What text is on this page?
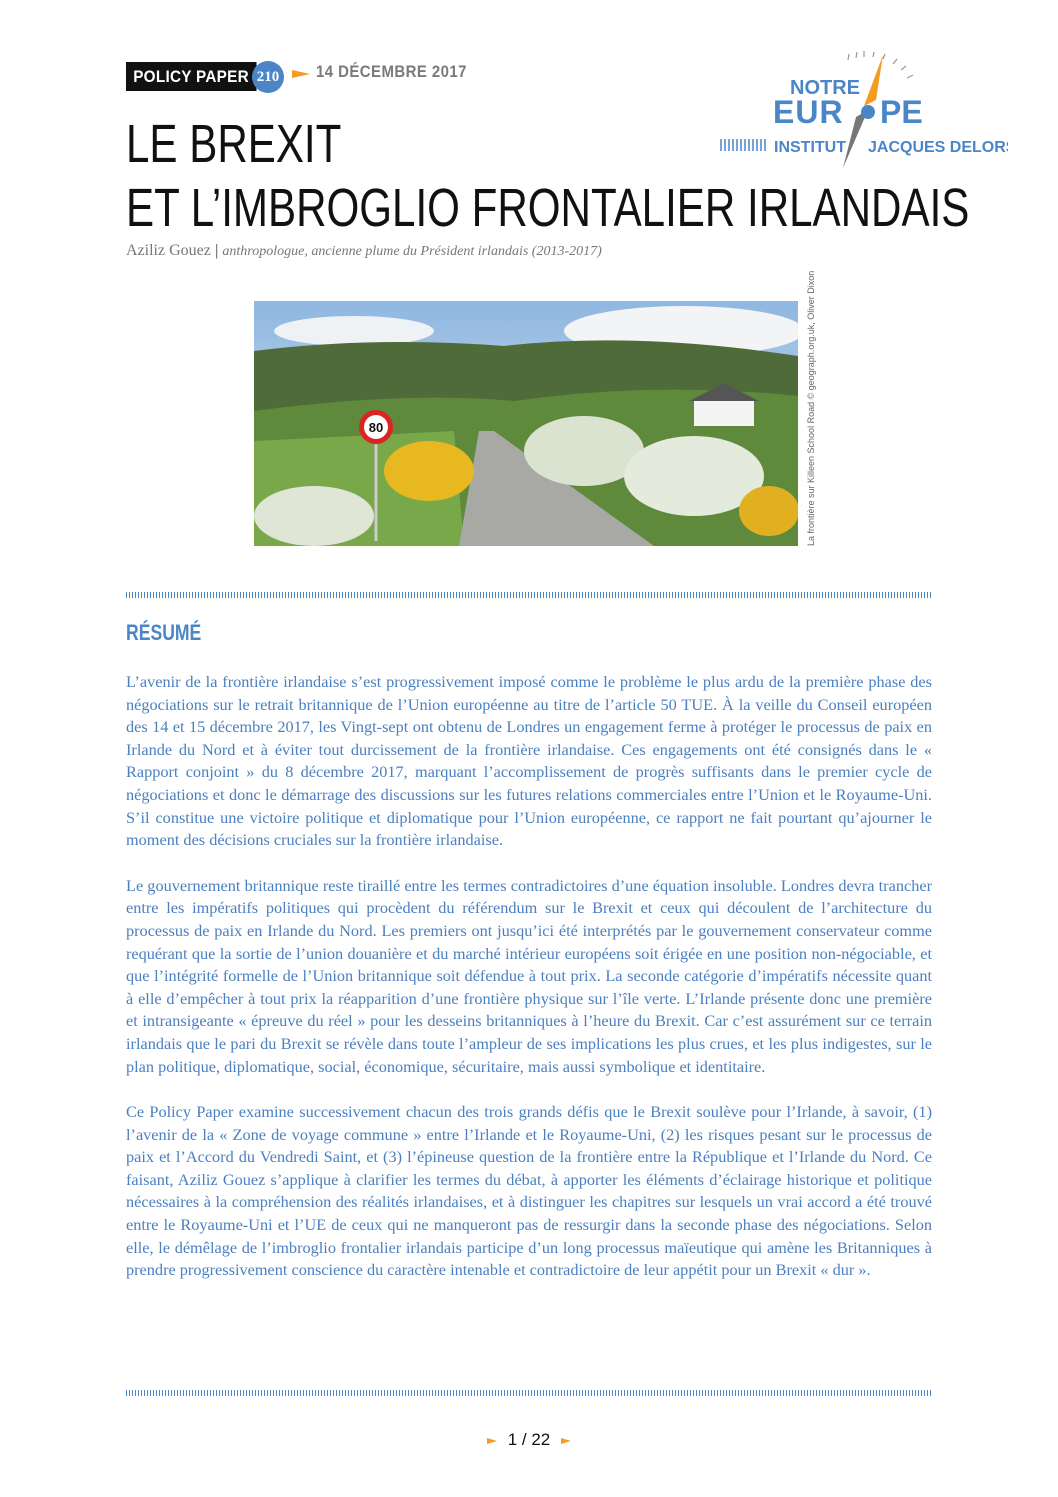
POLICY PAPER 210 14 DÉCEMBRE 2017
NOTRE
EUR PE
INSTITUT JACQUES DELORS
LE BREXIT
ET L’IMBROGLIO FRONTALIER IRLANDAIS
Aziliz Gouez | anthropologue, ancienne plume du Président irlandais (2013-2017)
80	La frontière sur Killeen School Road © geograph.org.uk, Oliver Dixon
RÉSUMÉ

L’avenir de la frontière irlandaise s’est progressivement imposé comme le problème le plus ardu de la première phase des négociations sur le retrait britannique de l’Union européenne au titre de l’article 50 TUE. À la veille du Conseil européen des 14 et 15 décembre 2017, les Vingt-sept ont obtenu de Londres un engagement ferme à protéger le processus de paix en Irlande du Nord et à éviter tout durcissement de la frontière irlandaise. Ces engagements ont été consignés dans le « Rapport conjoint » du 8 décembre 2017, marquant l’accomplissement de progrès suffisants dans le premier cycle de négociations et donc le démarrage des discussions sur les futures relations commerciales entre l’Union et le Royaume-Uni. S’il constitue une victoire politique et diplomatique pour l’Union européenne, ce rapport ne fait pourtant qu’ajourner le moment des décisions cruciales sur la frontière irlandaise.

Le gouvernement britannique reste tiraillé entre les termes contradictoires d’une équation insoluble. Londres devra trancher entre les impératifs politiques qui procèdent du référendum sur le Brexit et ceux qui découlent de l’architecture du processus de paix en Irlande du Nord. Les premiers ont jusqu’ici été interprétés par le gouvernement conservateur comme requérant que la sortie de l’union douanière et du marché intérieur européens soit érigée en une position non-négociable, et que l’intégrité formelle de l’Union britannique soit défendue à tout prix. La seconde catégorie d’impératifs nécessite quant à elle d’empêcher à tout prix la réapparition d’une frontière physique sur l’île verte. L’Irlande présente donc une première et intransigeante « épreuve du réel » pour les desseins britanniques à l’heure du Brexit. Car c’est assurément sur ce terrain irlandais que le pari du Brexit se révèle dans toute l’ampleur de ses implications les plus crues, et les plus indigestes, sur le plan politique, diplomatique, social, économique, sécuritaire, mais aussi symbolique et identitaire.

Ce Policy Paper examine successivement chacun des trois grands défis que le Brexit soulève pour l’Irlande, à savoir, (1) l’avenir de la « Zone de voyage commune » entre l’Irlande et le Royaume-Uni, (2) les risques pesant sur le processus de paix et l’Accord du Vendredi Saint, et (3) l’épineuse question de la frontière entre la République et l’Irlande du Nord. Ce faisant, Aziliz Gouez s’applique à clarifier les termes du débat, à apporter les éléments d’éclairage historique et politique nécessaires à la compréhension des réalités irlandaises, et à distinguer les chapitres sur lesquels un vrai accord a été trouvé entre le Royaume-Uni et l’UE de ceux qui ne manqueront pas de ressurgir dans la seconde phase des négociations. Selon elle, le démêlage de l’imbroglio frontalier irlandais participe d’un long processus maïeutique qui amène les Britanniques à prendre progressivement conscience du caractère intenable et contradictoire de leur appétit pour un Brexit « dur ».

1 / 22
